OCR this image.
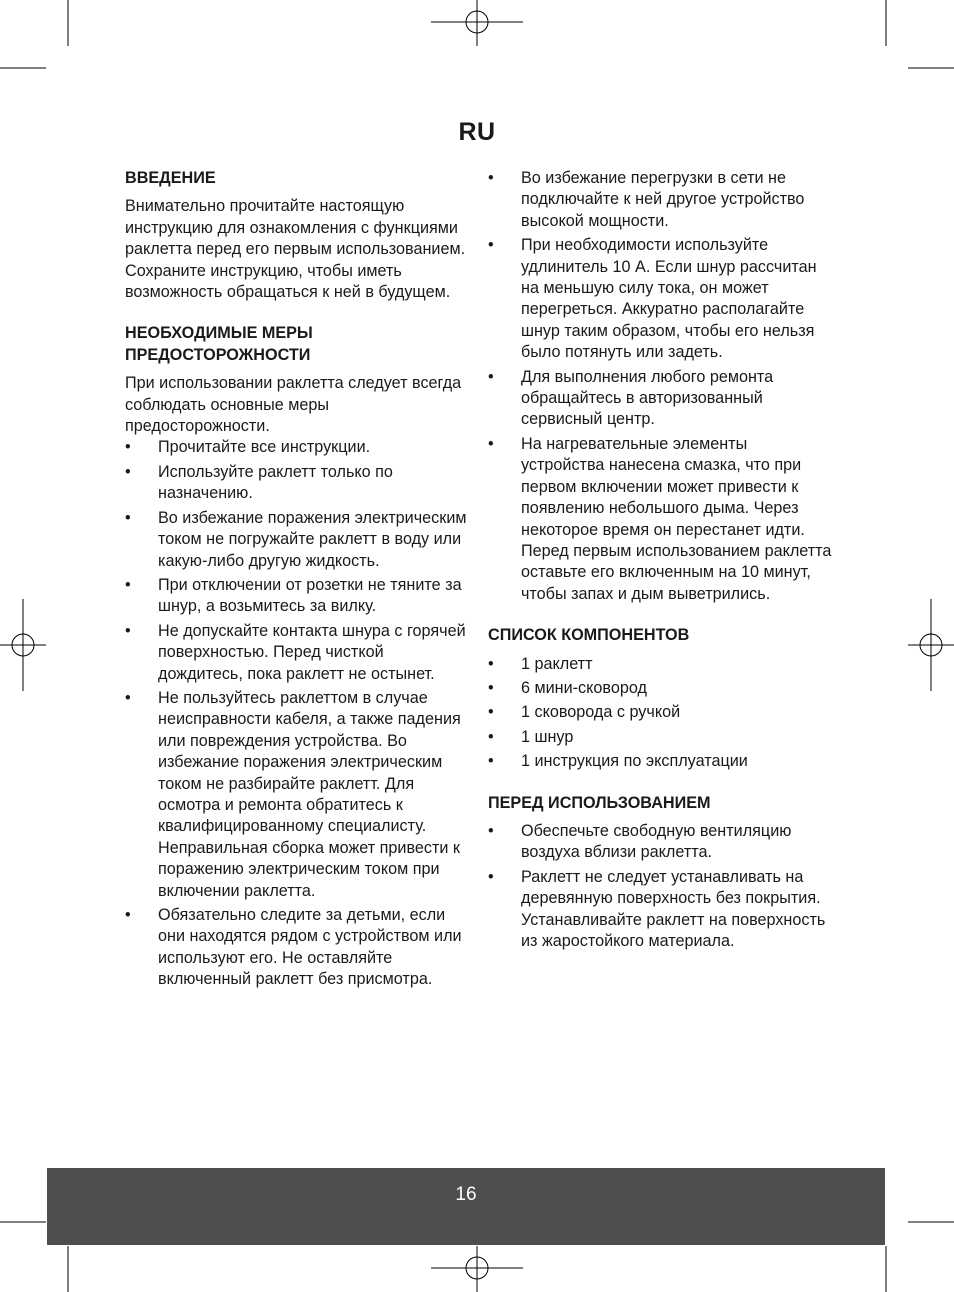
RU
ВВЕДЕНИЕ

Внимательно прочитайте настоящую инструкцию для ознакомления с функциями раклетта перед его первым использованием. Сохраните инструкцию, чтобы иметь возможность обращаться к ней в будущем.

НЕОБХОДИМЫЕ МЕРЫ ПРЕДОСТОРОЖНОСТИ

При использовании раклетта следует всегда соблюдать основные меры предосторожности.

• Прочитайте все инструкции.
• Используйте раклетт только по назначению.
• Во избежание поражения электрическим током не погружайте раклетт в воду или какую-либо другую жидкость.
• При отключении от розетки не тяните за шнур, а возьмитесь за вилку.
• Не допускайте контакта шнура с горячей поверхностью. Перед чисткой дождитесь, пока раклетт не остынет.
• Не пользуйтесь раклеттом в случае неисправности кабеля, а также падения или повреждения устройства. Во избежание поражения электрическим током не разбирайте раклетт. Для осмотра и ремонта обратитесь к квалифицированному специалисту. Неправильная сборка может привести к поражению электрическим током при включении раклетта.
• Обязательно следите за детьми, если они находятся рядом с устройством или используют его. Не оставляйте включенный раклетт без присмотра.
• Во избежание перегрузки в сети не подключайте к ней другое устройство высокой мощности.
• При необходимости используйте удлинитель 10 А. Если шнур рассчитан на меньшую силу тока, он может перегреться. Аккуратно располагайте шнур таким образом, чтобы его нельзя было потянуть или задеть.
• Для выполнения любого ремонта обращайтесь в авторизованный сервисный центр.
• На нагревательные элементы устройства нанесена смазка, что при первом включении может привести к появлению небольшого дыма. Через некоторое время он перестанет идти. Перед первым использованием раклетта оставьте его включенным на 10 минут, чтобы запах и дым выветрились.
СПИСОК КОМПОНЕНТОВ
• 1 раклетт
• 6 мини-сковород
• 1 сковорода с ручкой
• 1 шнур
• 1 инструкция по эксплуатации
ПЕРЕД ИСПОЛЬЗОВАНИЕМ
• Обеспечьте свободную вентиляцию воздуха вблизи раклетта.
• Раклетт не следует устанавливать на деревянную поверхность без покрытия. Устанавливайте раклетт на поверхность из жаростойкого материала.
16
